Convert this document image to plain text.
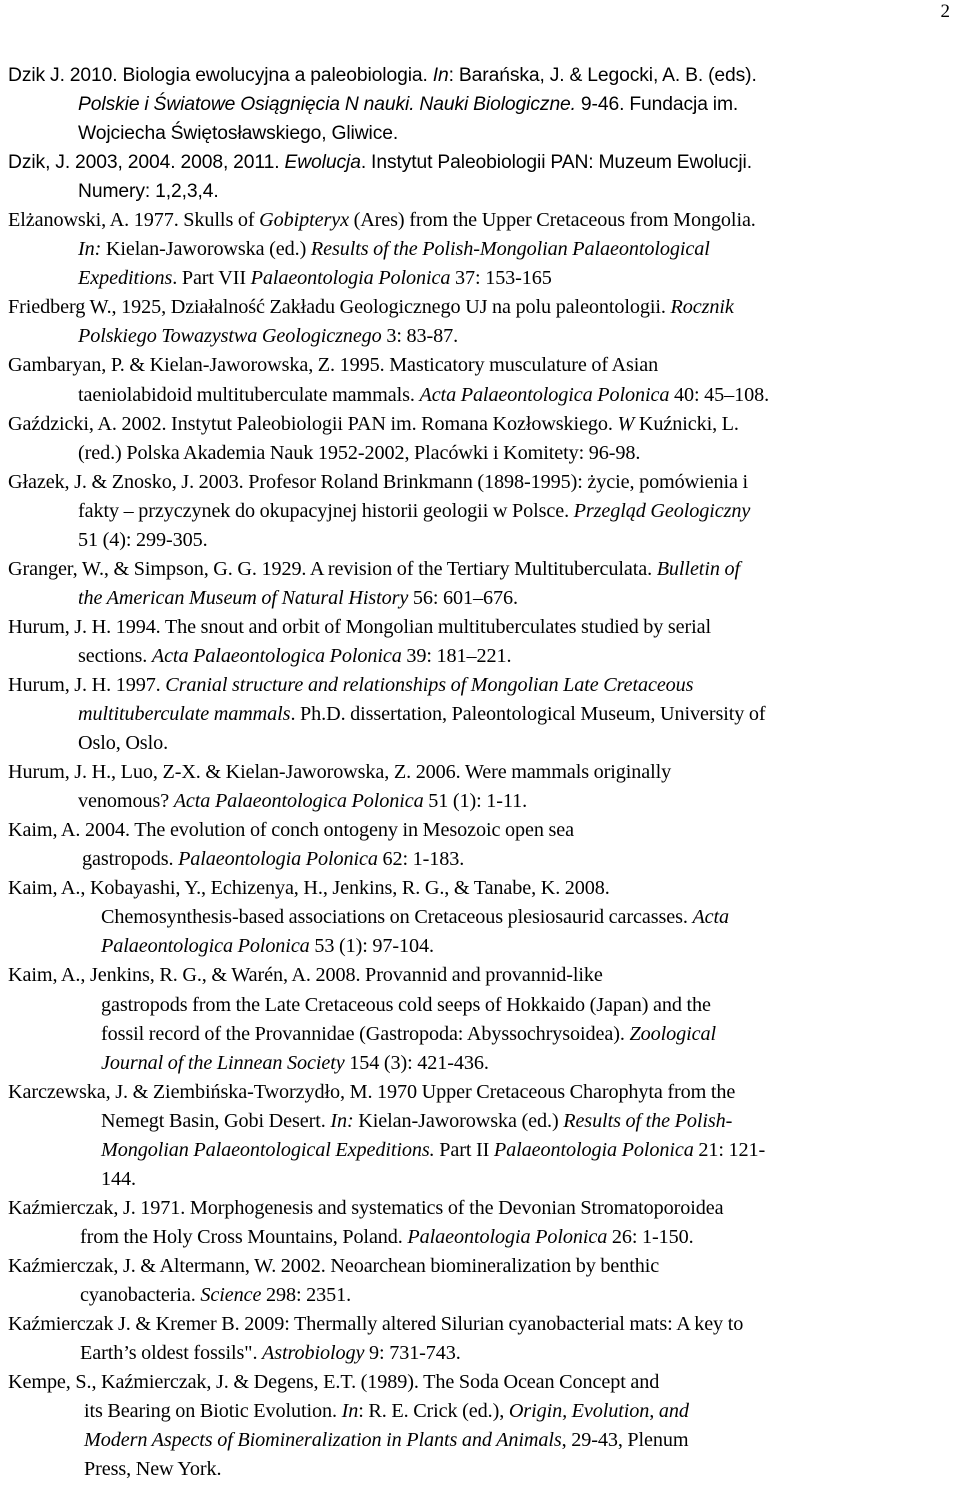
2
Dzik J. 2010. Biologia ewolucyjna a paleobiologia. In: Barańska, J. & Legocki, A. B. (eds).
Polskie i Światowe Osiągnięcia N nauki. Nauki Biologiczne. 9-46. Fundacja im.
Wojciecha Świętosławskiego, Gliwice.
Dzik, J. 2003, 2004. 2008, 2011. Ewolucja. Instytut Paleobiologii PAN: Muzeum Ewolucji.
Numery: 1,2,3,4.
Elżanowski, A. 1977. Skulls of Gobipteryx (Ares) from the Upper Cretaceous from Mongolia.
In: Kielan-Jaworowska (ed.) Results of the Polish-Mongolian Palaeontological
Expeditions. Part VII Palaeontologia Polonica 37: 153-165
Friedberg W., 1925, Działalność Zakładu Geologicznego UJ na polu paleontologii. Rocznik
Polskiego Towazystwa Geologicznego 3: 83-87.
Gambaryan, P. & Kielan-Jaworowska, Z. 1995. Masticatory musculature of Asian
taeniolabidoid multituberculate mammals. Acta Palaeontologica Polonica 40: 45–108.
Gaździcki, A. 2002. Instytut Paleobiologii PAN im. Romana Kozłowskiego. W Kuźnicki, L.
(red.) Polska Akademia Nauk 1952-2002, Placówki i Komitety: 96-98.
Głazek, J. & Znosko, J. 2003. Profesor Roland Brinkmann (1898-1995): życie, pomówienia i
fakty – przyczynek do okupacyjnej historii geologii w Polsce. Przegląd Geologiczny
51 (4): 299-305.
Granger, W., & Simpson, G. G. 1929. A revision of the Tertiary Multituberculata. Bulletin of
the American Museum of Natural History 56: 601–676.
Hurum, J. H. 1994. The snout and orbit of Mongolian multituberculates studied by serial
sections. Acta Palaeontologica Polonica 39: 181–221.
Hurum, J. H. 1997. Cranial structure and relationships of Mongolian Late Cretaceous
multituberculate mammals. Ph.D. dissertation, Paleontological Museum, University of
Oslo, Oslo.
Hurum, J. H., Luo, Z-X. & Kielan-Jaworowska, Z. 2006. Were mammals originally
venomous? Acta Palaeontologica Polonica 51 (1): 1-11.
Kaim, A. 2004. The evolution of conch ontogeny in Mesozoic open sea
gastropods. Palaeontologia Polonica 62: 1-183.
Kaim, A., Kobayashi, Y., Echizenya, H., Jenkins, R. G., & Tanabe, K. 2008.
Chemosynthesis-based associations on Cretaceous plesiosaurid carcasses. Acta
Palaeontologica Polonica 53 (1): 97-104.
Kaim, A., Jenkins, R. G., & Warén, A. 2008. Provannid and provannid-like
gastropods from the Late Cretaceous cold seeps of Hokkaido (Japan) and the
fossil record of the Provannidae (Gastropoda: Abyssochrysoidea). Zoological
Journal of the Linnean Society 154 (3): 421-436.
Karczewska, J. & Ziembińska-Tworzydło, M. 1970 Upper Cretaceous Charophyta from the
Nemegt Basin, Gobi Desert. In: Kielan-Jaworowska (ed.) Results of the Polish-
Mongolian Palaeontological Expeditions. Part II Palaeontologia Polonica 21: 121-
144.
Kaźmierczak, J. 1971. Morphogenesis and systematics of the Devonian Stromatoporoidea
from the Holy Cross Mountains, Poland. Palaeontologia Polonica 26: 1-150.
Kaźmierczak, J. & Altermann, W. 2002. Neoarchean biomineralization by benthic
cyanobacteria. Science 298: 2351.
Kaźmierczak J. & Kremer B. 2009: Thermally altered Silurian cyanobacterial mats: A key to
Earth’s oldest fossils". Astrobiology 9: 731-743.
Kempe, S., Kaźmierczak, J. & Degens, E.T. (1989). The Soda Ocean Concept and
its Bearing on Biotic Evolution. In: R. E. Crick (ed.), Origin, Evolution, and
Modern Aspects of Biomineralization in Plants and Animals, 29-43, Plenum
Press, New York.
